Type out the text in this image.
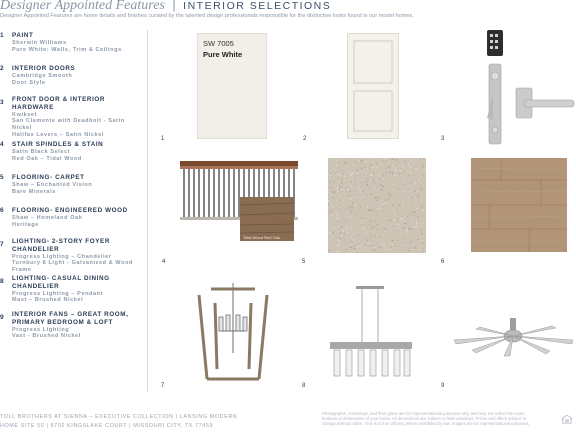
Designer Appointed Features | INTERIOR SELECTIONS
Designer Appointed Features are home details and finishes curated by the talented design professionals responsible for the distinctive looks found in our model homes.
1 PAINT
Sherwin Williams
Pure White: Walls, Trim & Ceilings
2 INTERIOR DOORS
Cambridge Smooth
Door Style
3 FRONT DOOR & INTERIOR
HARDWARE
Kwikset
San Clemente with Deadbolt - Satin Nickel
Halifax Levers – Satin Nickel
4 STAIR SPINDLES & STAIN
Satin Black Select
Red Oak – Tidal Wood
5 FLOORING- CARPET
Shaw – Enchanted Vision
Bare Minerals
6 FLOORING- ENGINEERED WOOD
Shaw – Homeland Oak
Heritage
7 LIGHTING- 2-STORY FOYER
CHANDELIER
Progress Lighting – Chandelier
Turnbury 8 Light - Galvanized & Wood Frame
8 LIGHTING- CASUAL DINING
CHANDELIER
Progress Lighting – Pendant
Mast – Brushed Nickel
9 INTERIOR FANS – GREAT ROOM,
PRIMARY BEDROOM & LOFT
Progress Lighting
Vast - Brushed Nickel
SW 7005
Pure White
1	2	3
Tidal Wood Red Oak
4	5	6
7	8	9
TOLL BROTHERS AT SIENNA – EXECUTIVE COLLECTION | LANSING MODERN
HOME SITE 50 | 9702 KINGSLAKE COURT | MISSOURI CITY, TX 77459
Photographs, renderings, and floor plans are for representational purposes only and may not reflect the exact features or dimensions of your home. All dimensions are subject to field variations. Prices and offers subject to change without notice. This is not an offering where prohibited by law. Images are for representational purposes.
